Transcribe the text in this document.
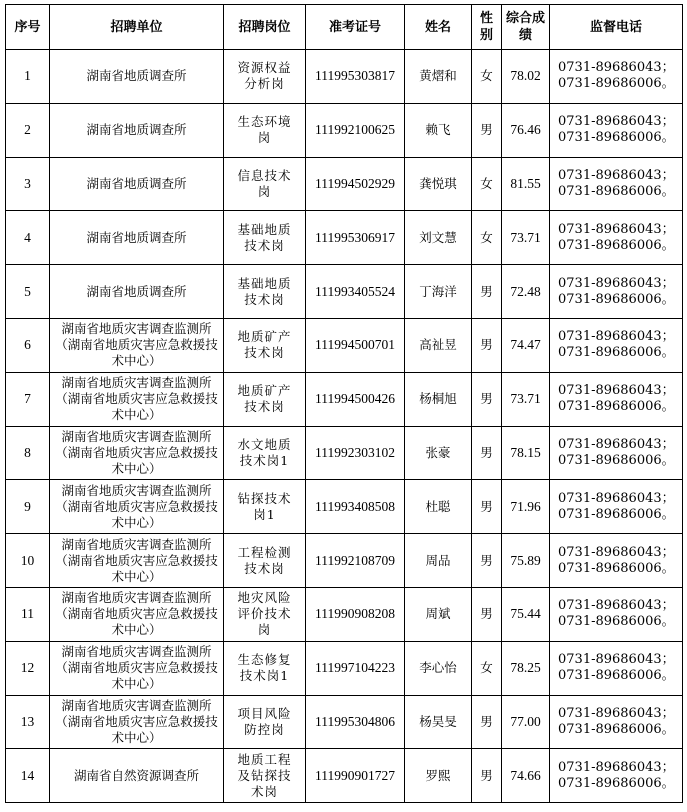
序号	招聘单位	招聘岗位	准考证号	姓名	性别	综合成绩	监督电话
1	湖南省地质调查所	资源权益分析岗	111995303817	黄熠和	女	78.02	0731-89686043；
0731-89686006。

2	湖南省地质调查所	生态环境岗	111992100625	赖飞	男	76.46	0731-89686043；
0731-89686006。

3	湖南省地质调查所	信息技术岗	111994502929	龚悦琪	女	81.55	0731-89686043；
0731-89686006。

4	湖南省地质调查所	基础地质技术岗	111995306917	刘文慧	女	73.71	0731-89686043；
0731-89686006。

5	湖南省地质调查所	基础地质技术岗	111993405524	丁海洋	男	72.48	0731-89686043；
0731-89686006。

6	湖南省地质灾害调查监测所（湖南省地质灾害应急救援技术中心）	地质矿产技术岗	111994500701	高祉昱	男	74.47	0731-89686043；
0731-89686006。

7	湖南省地质灾害调查监测所（湖南省地质灾害应急救援技术中心）	地质矿产技术岗	111994500426	杨桐旭	男	73.71	0731-89686043；
0731-89686006。

8	湖南省地质灾害调查监测所（湖南省地质灾害应急救援技术中心）	水文地质技术岗1	111992303102	张豪	男	78.15	0731-89686043；
0731-89686006。

9	湖南省地质灾害调查监测所（湖南省地质灾害应急救援技术中心）	钻探技术岗1	111993408508	杜聪	男	71.96	0731-89686043；
0731-89686006。

10	湖南省地质灾害调查监测所（湖南省地质灾害应急救援技术中心）	工程检测技术岗	111992108709	周品	男	75.89	0731-89686043；
0731-89686006。

11	湖南省地质灾害调查监测所（湖南省地质灾害应急救援技术中心）	地灾风险评价技术岗	111990908208	周斌	男	75.44	0731-89686043；
0731-89686006。

12	湖南省地质灾害调查监测所（湖南省地质灾害应急救援技术中心）	生态修复技术岗1	111997104223	李心怡	女	78.25	0731-89686043；
0731-89686006。

13	湖南省地质灾害调查监测所（湖南省地质灾害应急救援技术中心）	项目风险防控岗	111995304806	杨昊旻	男	77.00	0731-89686043；
0731-89686006。

14	湖南省自然资源调查所	地质工程及钻探技术岗	111990901727	罗熙	男	74.66	0731-89686043；
0731-89686006。
